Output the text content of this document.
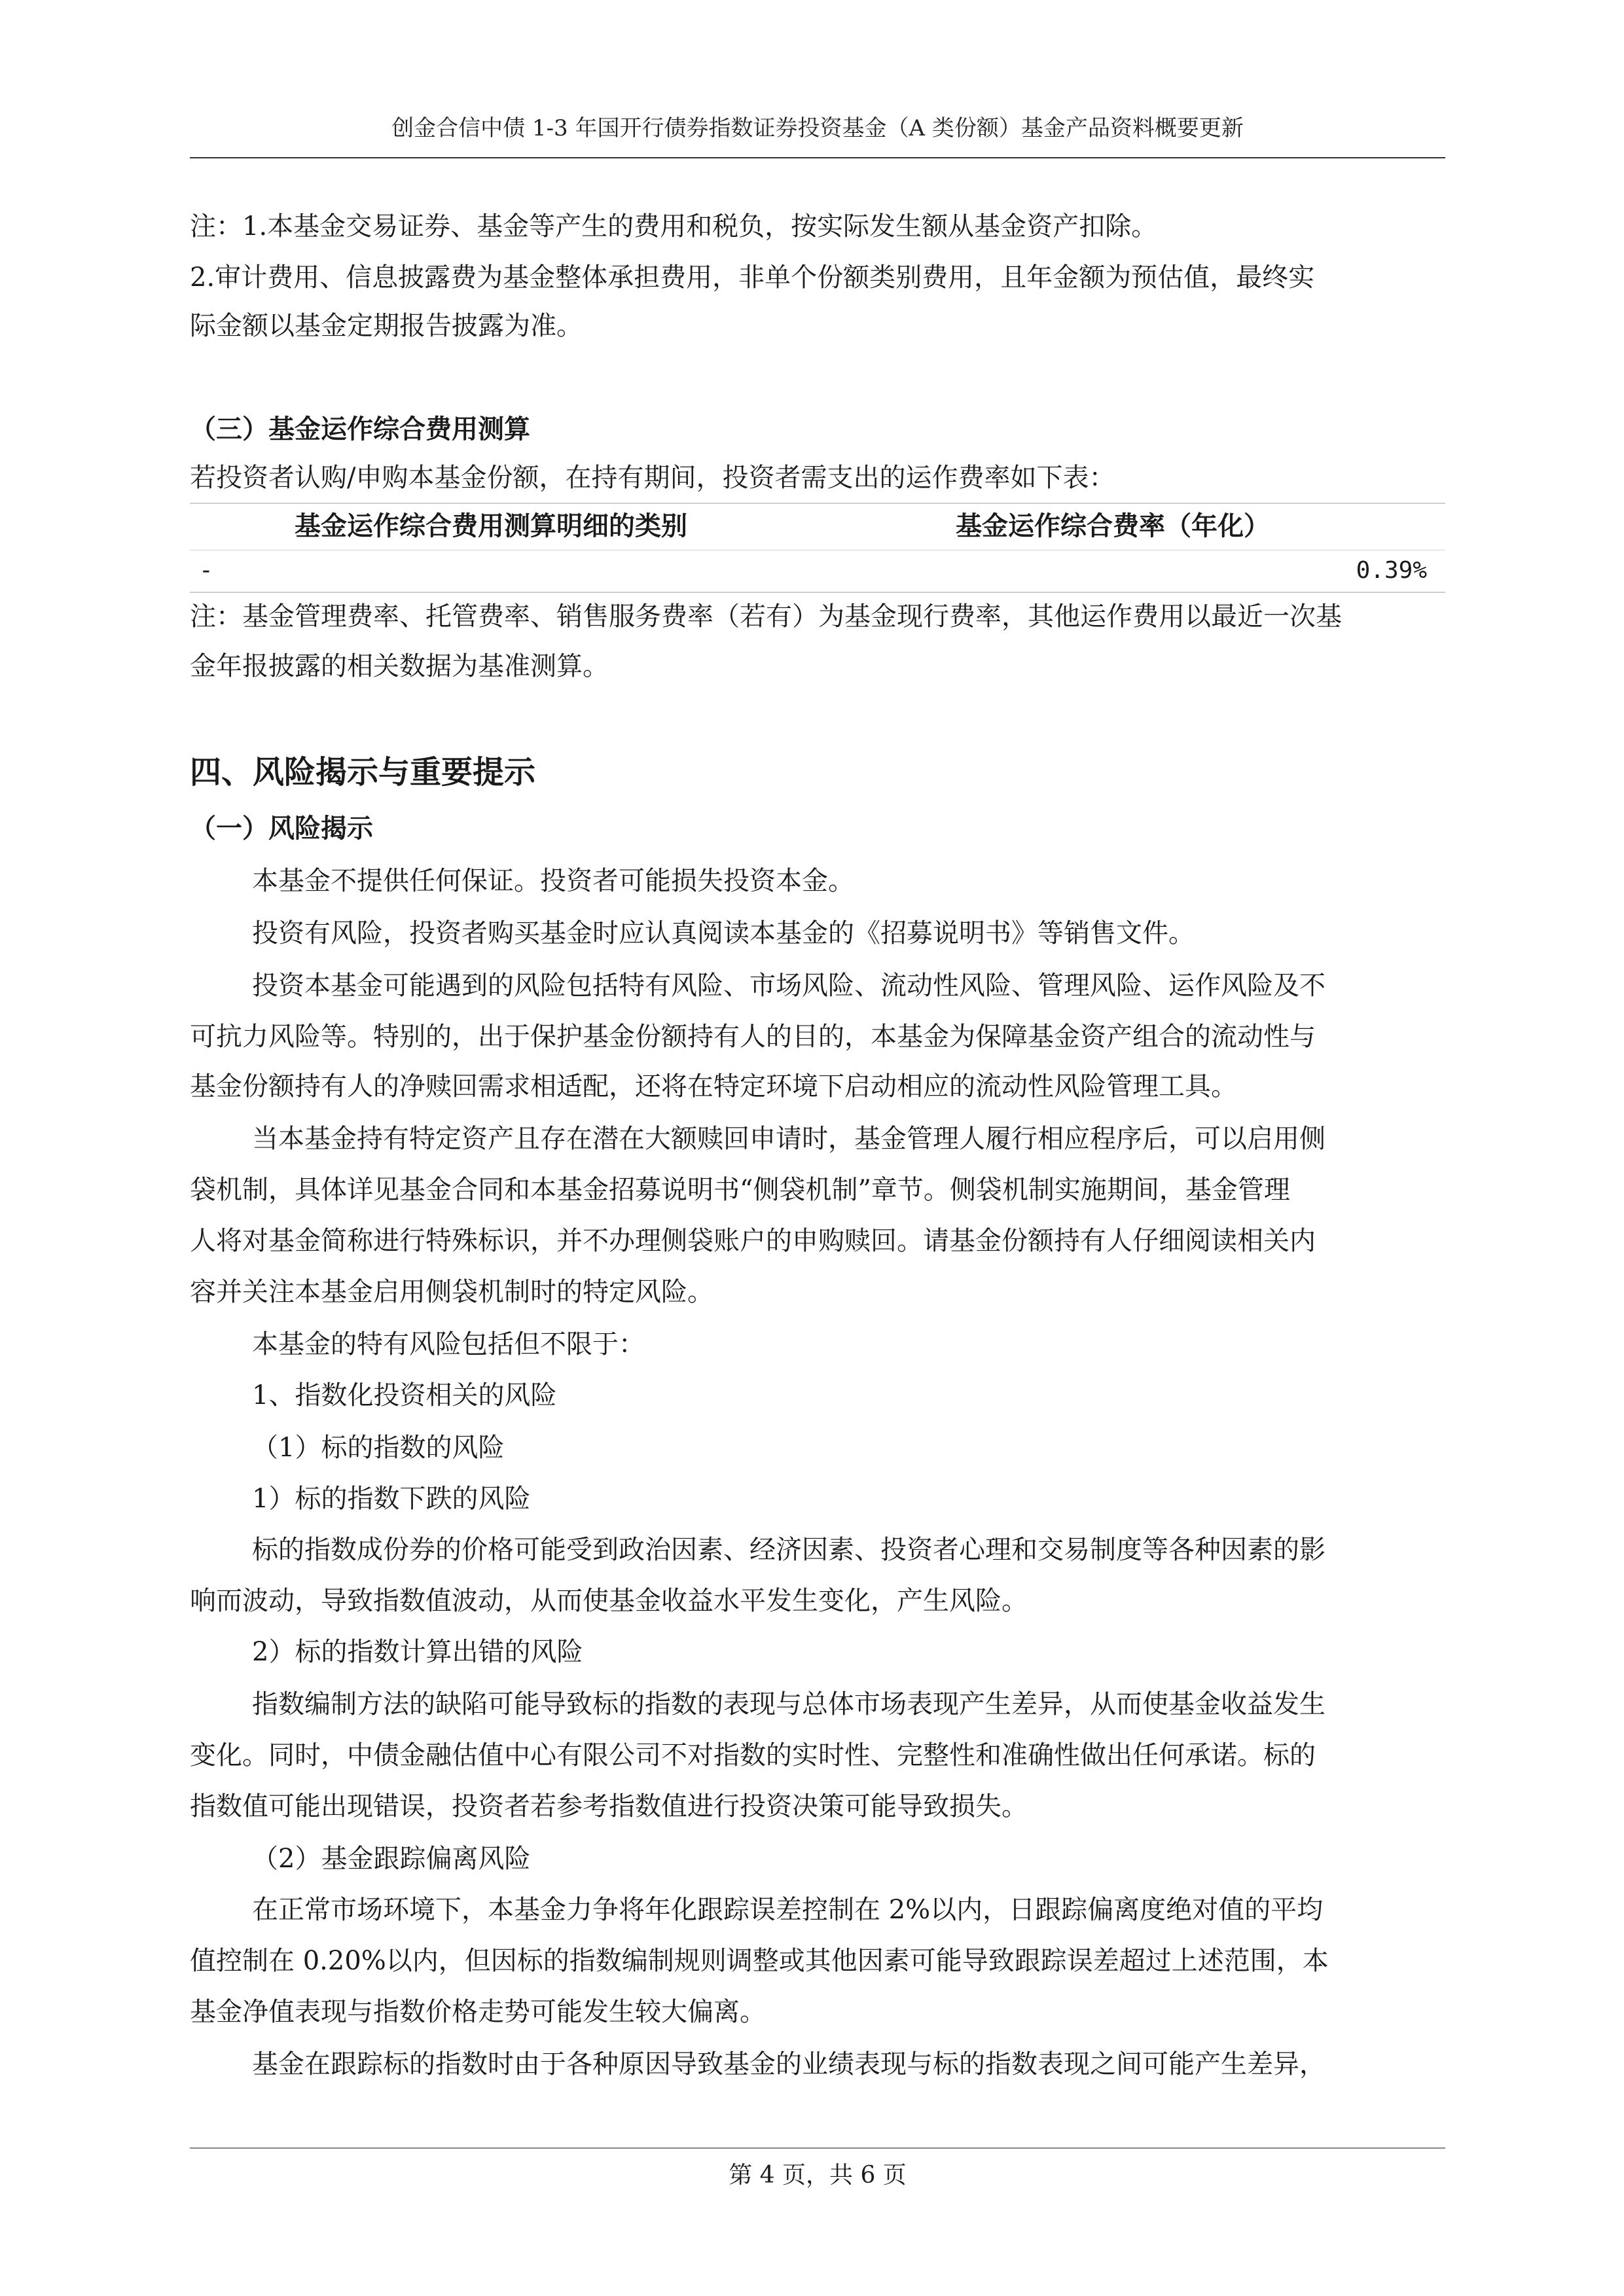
创金合信中债 1-3 年国开行债券指数证券投资基金（A 类份额）基金产品资料概要更新
注：1.本基金交易证券、基金等产生的费用和税负，按实际发生额从基金资产扣除。
2.审计费用、信息披露费为基金整体承担费用，非单个份额类别费用，且年金额为预估值，最终实
际金额以基金定期报告披露为准。
（三）基金运作综合费用测算
若投资者认购/申购本基金份额，在持有期间，投资者需支出的运作费率如下表：
基金运作综合费用测算明细的类别	基金运作综合费率（年化）
-	0.39%
注：基金管理费率、托管费率、销售服务费率（若有）为基金现行费率，其他运作费用以最近一次基
金年报披露的相关数据为基准测算。
四、风险揭示与重要提示
（一）风险揭示
本基金不提供任何保证。投资者可能损失投资本金。
投资有风险，投资者购买基金时应认真阅读本基金的《招募说明书》等销售文件。
投资本基金可能遇到的风险包括特有风险、市场风险、流动性风险、管理风险、运作风险及不
可抗力风险等。特别的，出于保护基金份额持有人的目的，本基金为保障基金资产组合的流动性与
基金份额持有人的净赎回需求相适配，还将在特定环境下启动相应的流动性风险管理工具。
当本基金持有特定资产且存在潜在大额赎回申请时，基金管理人履行相应程序后，可以启用侧
袋机制，具体详见基金合同和本基金招募说明书“侧袋机制”章节。侧袋机制实施期间，基金管理
人将对基金简称进行特殊标识，并不办理侧袋账户的申购赎回。请基金份额持有人仔细阅读相关内
容并关注本基金启用侧袋机制时的特定风险。
本基金的特有风险包括但不限于：
1、指数化投资相关的风险
（1）标的指数的风险
1）标的指数下跌的风险
标的指数成份券的价格可能受到政治因素、经济因素、投资者心理和交易制度等各种因素的影
响而波动，导致指数值波动，从而使基金收益水平发生变化，产生风险。
2）标的指数计算出错的风险
指数编制方法的缺陷可能导致标的指数的表现与总体市场表现产生差异，从而使基金收益发生
变化。同时，中债金融估值中心有限公司不对指数的实时性、完整性和准确性做出任何承诺。标的
指数值可能出现错误，投资者若参考指数值进行投资决策可能导致损失。
（2）基金跟踪偏离风险
在正常市场环境下，本基金力争将年化跟踪误差控制在 2%以内，日跟踪偏离度绝对值的平均
值控制在 0.20%以内，但因标的指数编制规则调整或其他因素可能导致跟踪误差超过上述范围，本
基金净值表现与指数价格走势可能发生较大偏离。
基金在跟踪标的指数时由于各种原因导致基金的业绩表现与标的指数表现之间可能产生差异，
第 4 页，共 6 页
